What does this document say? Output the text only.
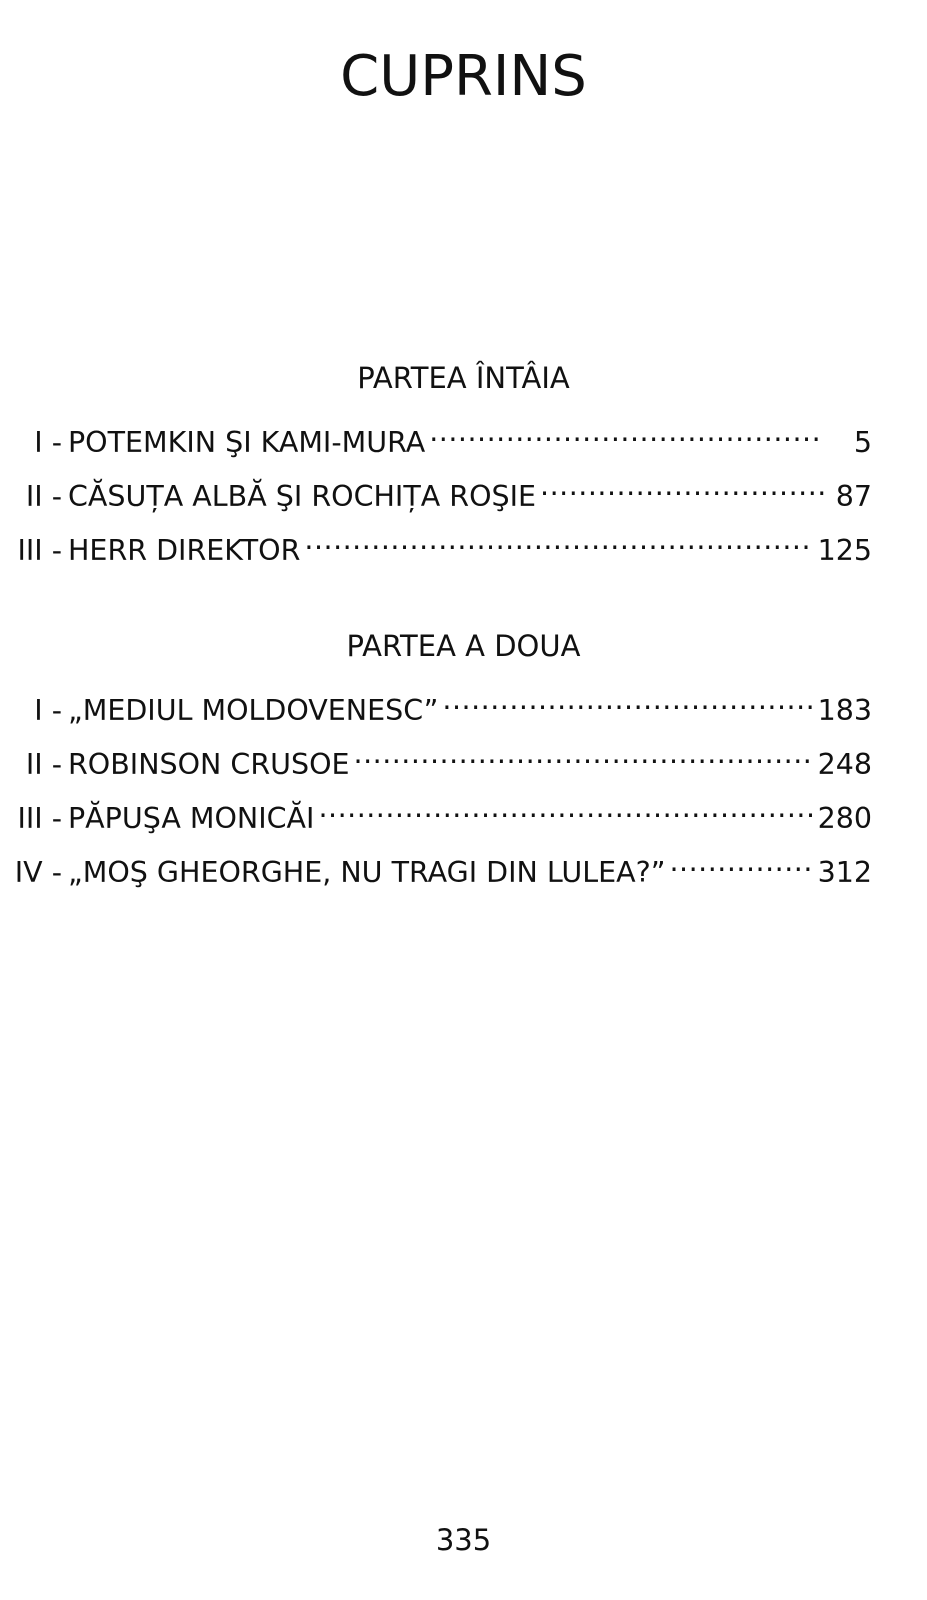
CUPRINS
PARTEA ÎNTÂIA
I - POTEMKIN ŞI KAMI-MURA .....	5
II - CĂSUȚA ALBĂ ŞI ROCHIȚA ROŞIE .....	87
III - HERR DIREKTOR .....	125
PARTEA A DOUA
I - „MEDIUL MOLDOVENESC” .....	183
II - ROBINSON CRUSOE .....	248
III - PĂPUŞA MONICĂI .....	280
IV - „MOŞ GHEORGHE, NU TRAGI DIN LULEA?” .....	312
335
